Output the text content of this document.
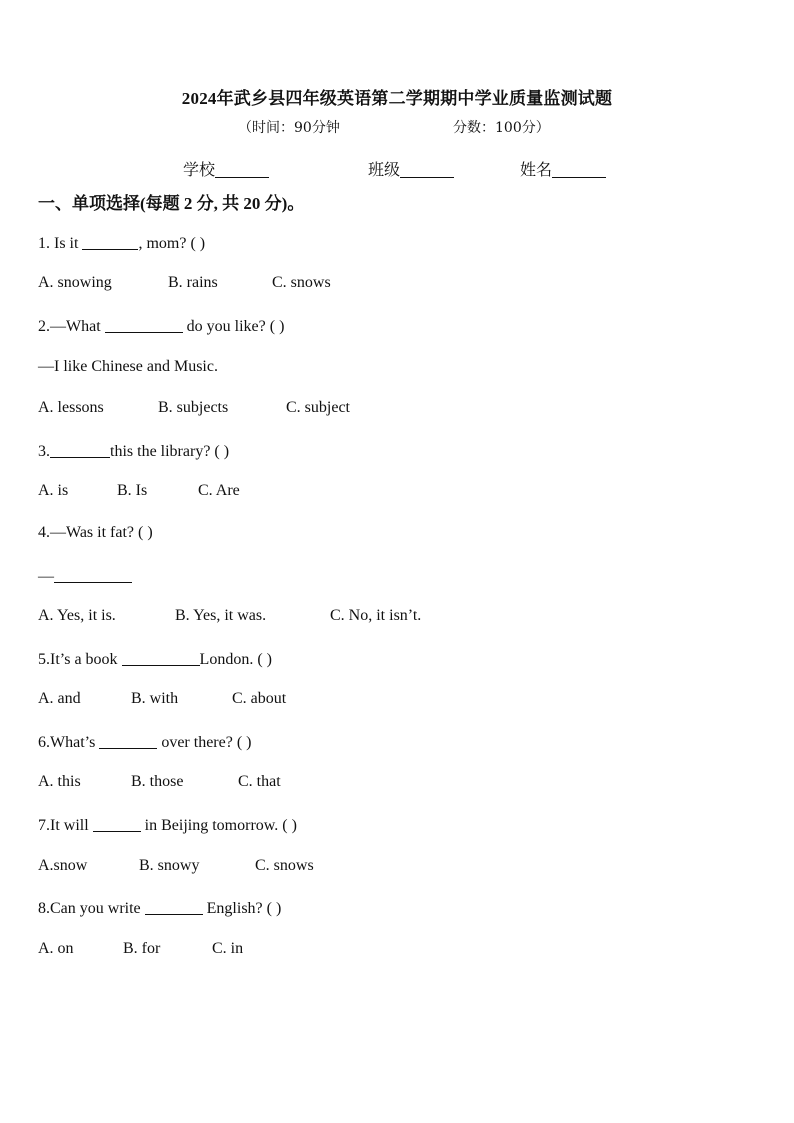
2024年武乡县四年级英语第二学期期中学业质量监测试题
（时间：90分钟	分数：100分）
学校	班级	姓名
一、单项选择(每题 2 分, 共 20 分)。
1. Is it	, mom? ( )
A. snowing	B. rains	C. snows
2.—What	do you like? ( )
—I like Chinese and Music.
A. lessons	B. subjects	C. subject
3.	this the library? ( )
A. is	B. Is	C. Are
4.—Was it fat? ( )
—
A. Yes, it is.	B. Yes, it was.	C. No, it isn’t.
5.It’s a book	London. ( )
A. and	B. with	C. about
6.What’s	over there? ( )
A. this	B. those	C. that
7.It will	in Beijing tomorrow. ( )
A.snow	B. snowy	C. snows
8.Can you write	English? ( )
A. on	B. for	C. in
